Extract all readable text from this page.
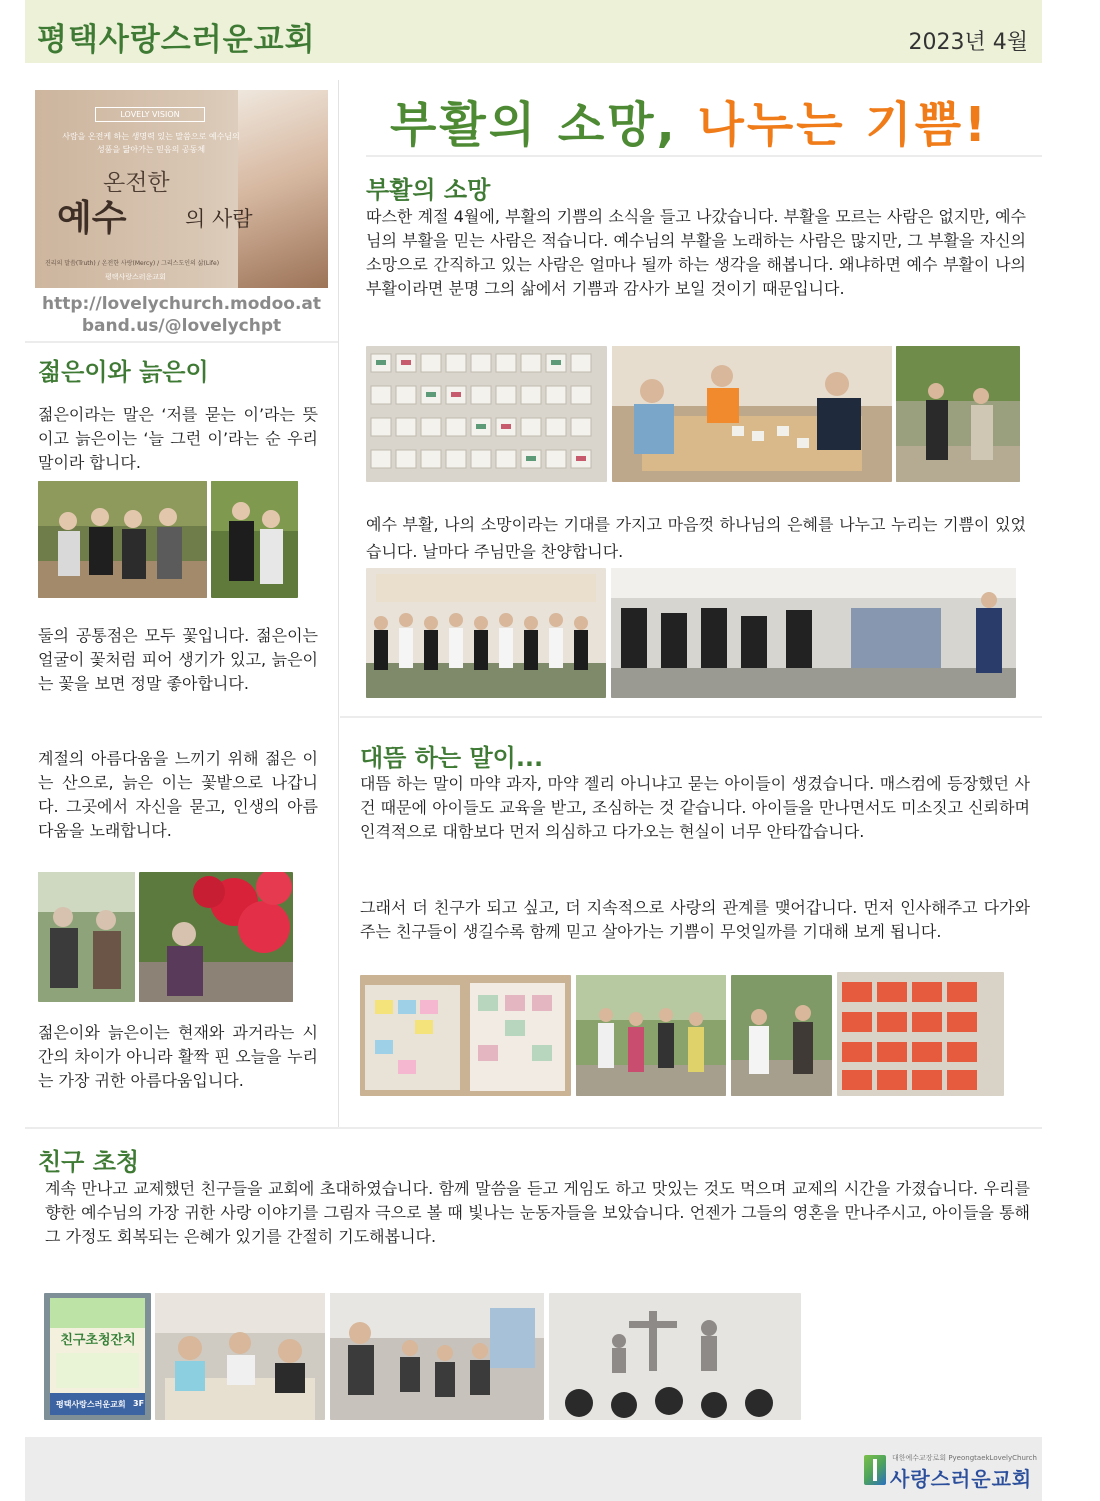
평택사랑스러운교회	2023년 4월
LOVELY VISION
사람을 온전케 하는 생명력 있는 말씀으로 예수님의 성품을 닮아가는 믿음의 공동체
온전한
예수	의 사람
진리의 말씀(Truth) / 온전한 사랑(Mercy) / 그리스도인의 삶(Life)
평택사랑스러운교회
http://lovelychurch.modoo.at
band.us/@lovelychpt
젊은이와 늙은이
젊은이라는 말은 ‘저를 묻는 이’라는 뜻이고 늙은이는 ‘늘 그런 이’라는 순 우리말이라 합니다.
둘의 공통점은 모두 꽃입니다. 젊은이는 얼굴이 꽃처럼 피어 생기가 있고, 늙은이는 꽃을 보면 정말 좋아합니다.
계절의 아름다움을 느끼기 위해 젊은 이는 산으로, 늙은 이는 꽃밭으로 나갑니다. 그곳에서 자신을 묻고, 인생의 아름다움을 노래합니다.
젊은이와 늙은이는 현재와 과거라는 시간의 차이가 아니라 활짝 핀 오늘을 누리는 가장 귀한 아름다움입니다.
부활의 소망, 나누는 기쁨!
부활의 소망
따스한 계절 4월에, 부활의 기쁨의 소식을 들고 나갔습니다. 부활을 모르는 사람은 없지만, 예수님의 부활을 믿는 사람은 적습니다. 예수님의 부활을 노래하는 사람은 많지만, 그 부활을 자신의 소망으로 간직하고 있는 사람은 얼마나 될까 하는 생각을 해봅니다. 왜냐하면 예수 부활이 나의 부활이라면 분명 그의 삶에서 기쁨과 감사가 보일 것이기 때문입니다.
예수 부활, 나의 소망이라는 기대를 가지고 마음껏 하나님의 은혜를 나누고 누리는 기쁨이 있었습니다. 날마다 주님만을 찬양합니다.
대뜸 하는 말이...
대뜸 하는 말이 마약 과자, 마약 젤리 아니냐고 묻는 아이들이 생겼습니다. 매스컴에 등장했던 사건 때문에 아이들도 교육을 받고, 조심하는 것 같습니다. 아이들을 만나면서도 미소짓고 신뢰하며 인격적으로 대함보다 먼저 의심하고 다가오는 현실이 너무 안타깝습니다.
그래서 더 친구가 되고 싶고, 더 지속적으로 사랑의 관계를 맺어갑니다. 먼저 인사해주고 다가와 주는 친구들이 생길수록 함께 믿고 살아가는 기쁨이 무엇일까를 기대해 보게 됩니다.
친구 초청
계속 만나고 교제했던 친구들을 교회에 초대하였습니다. 함께 말씀을 듣고 게임도 하고 맛있는 것도 먹으며 교제의 시간을 가졌습니다. 우리를 향한 예수님의 가장 귀한 사랑 이야기를 그림자 극으로 볼 때 빛나는 눈동자들을 보았습니다. 언젠가 그들의 영혼을 만나주시고, 아이들을 통해 그 가정도 회복되는 은혜가 있기를 간절히 기도해봅니다.
친구초청잔치
평택사랑스러운교회 3F
대한예수교장로회 PyeongtaekLovelyChurch
사랑스러운교회
